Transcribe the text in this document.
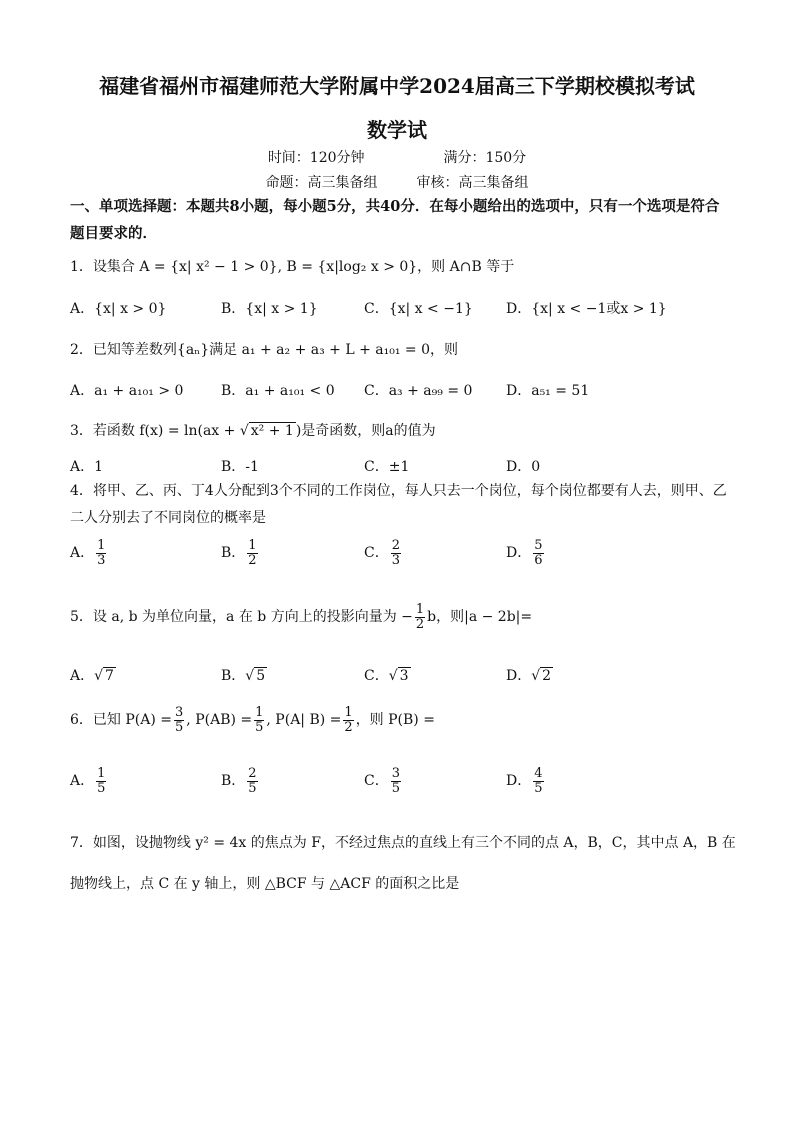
福建省福州市福建师范大学附属中学2024届高三下学期校模拟考试
数学试
时间：120分钟	满分：150分
命题：高三集备组	审核：高三集备组
一、单项选择题：本题共8小题，每小题5分，共40分．在每小题给出的选项中，只有一个选项是符合题目要求的．
1．设集合 A = {x| x² − 1 > 0}, B = {x|log₂ x > 0}，则 A∩B 等于
A．{x| x > 0}	B．{x| x > 1}	C．{x| x < −1} D．{x| x < −1或x > 1}
2．已知等差数列{aₙ}满足 a₁ + a₂ + a₃ + L + a₁₀₁ = 0，则
A．a₁ + a₁₀₁ > 0	B．a₁ + a₁₀₁ < 0 C．a₃ + a₉₉ = 0 D．a₅₁ = 51
3．若函数 f(x) = ln(ax + √ x² + 1 )是奇函数，则a的值为
A．1	B．-1	C．±1	D．0
4．将甲、乙、丙、丁4人分配到3个不同的工作岗位，每人只去一个岗位，每个岗位都要有人去，则甲、乙二人分别去了不同岗位的概率是
A． $\frac{1}{3}$	B． $\frac{1}{2}$	C． $\frac{2}{3}$	D． $\frac{5}{6}$
5．设 a, b 为单位向量，a 在 b 方向上的投影向量为 − $\frac{1}{2}$ b，则|a − 2b|=
A．√ 7	B．√ 5	C．√ 3	D．√ 2
6．已知 $P(A) = \frac{3}{5}$ , $P(AB) = \frac{1}{5}$ , P(A| $B) = \frac{1}{2}$ ，则 P(B) =
A． $\frac{1}{5}$	B． $\frac{2}{5}$	C． $\frac{3}{5}$	D． $\frac{4}{5}$
7．如图，设抛物线 y² = 4x 的焦点为 F，不经过焦点的直线上有三个不同的点 A，B，C，其中点 A，B 在
抛物线上，点 C 在 y 轴上，则 △BCF 与 △ACF 的面积之比是
